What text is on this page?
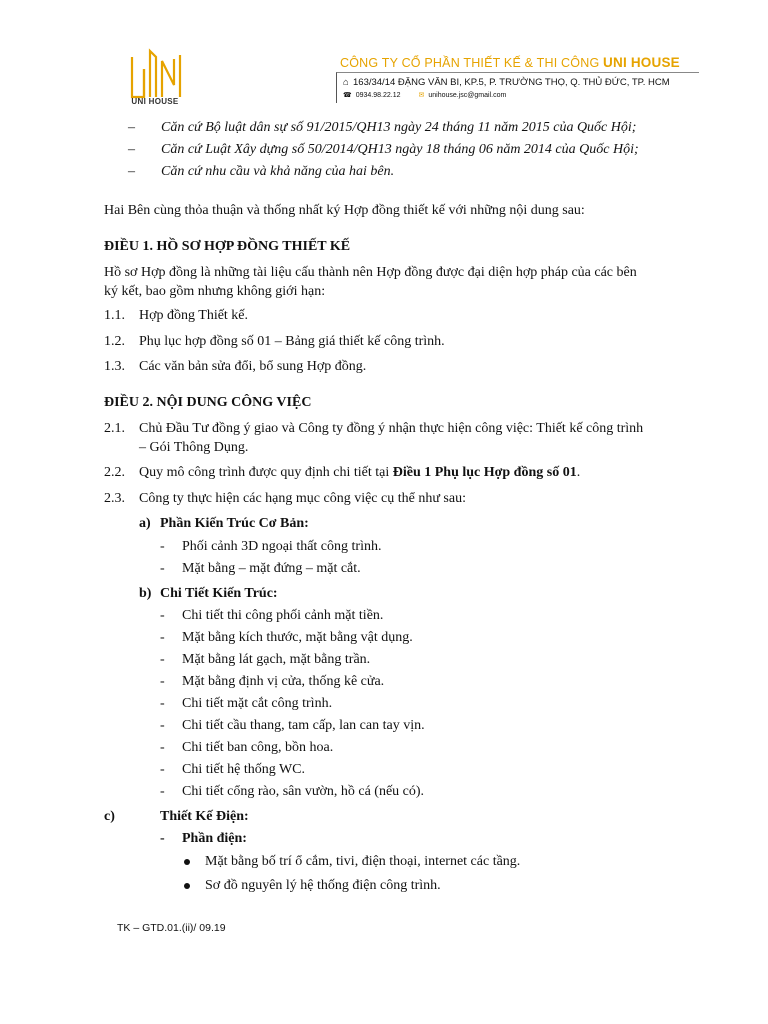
UNI HOUSE
CÔNG TY CỔ PHẦN THIẾT KẾ & THI CÔNG UNI HOUSE
⌂ 163/34/14 ĐẶNG VĂN BI, KP.5, P. TRƯỜNG THỌ, Q. THỦ ĐỨC, TP. HCM
☎ 0934.98.22.12	✉ unihouse.jsc@gmail.com
– Căn cứ Bộ luật dân sự số 91/2015/QH13 ngày 24 tháng 11 năm 2015 của Quốc Hội;
– Căn cứ Luật Xây dựng số 50/2014/QH13 ngày 18 tháng 06 năm 2014 của Quốc Hội;
– Căn cứ nhu cầu và khả năng của hai bên.
Hai Bên cùng thỏa thuận và thống nhất ký Hợp đồng thiết kế với những nội dung sau:
ĐIỀU 1. HỒ SƠ HỢP ĐỒNG THIẾT KẾ
Hồ sơ Hợp đồng là những tài liệu cấu thành nên Hợp đồng được đại diện hợp pháp của các bên
ký kết, bao gồm nhưng không giới hạn:
1.1. Hợp đồng Thiết kế.
1.2. Phụ lục hợp đồng số 01 – Bảng giá thiết kế công trình.
1.3. Các văn bản sửa đổi, bổ sung Hợp đồng.
ĐIỀU 2. NỘI DUNG CÔNG VIỆC
2.1. Chủ Đầu Tư đồng ý giao và Công ty đồng ý nhận thực hiện công việc: Thiết kế công trình
– Gói Thông Dụng.
2.2. Quy mô công trình được quy định chi tiết tại Điều 1 Phụ lục Hợp đồng số 01.
2.3. Công ty thực hiện các hạng mục công việc cụ thể như sau:
a) Phần Kiến Trúc Cơ Bản:
- Phối cảnh 3D ngoại thất công trình.
- Mặt bằng – mặt đứng – mặt cắt.
b) Chi Tiết Kiến Trúc:
- Chi tiết thi công phối cảnh mặt tiền.
- Mặt bằng kích thước, mặt bằng vật dụng.
- Mặt bằng lát gạch, mặt bằng trần.
- Mặt bằng định vị cửa, thống kê cửa.
- Chi tiết mặt cắt công trình.
- Chi tiết cầu thang, tam cấp, lan can tay vịn.
- Chi tiết ban công, bồn hoa.
- Chi tiết hệ thống WC.
- Chi tiết cổng rào, sân vườn, hồ cá (nếu có).
c)	Thiết Kế Điện:
- Phần điện:
Mặt bằng bố trí ổ cắm, tivi, điện thoại, internet các tầng.
Sơ đồ nguyên lý hệ thống điện công trình.
TK – GTD.01.(ii)/ 09.19
